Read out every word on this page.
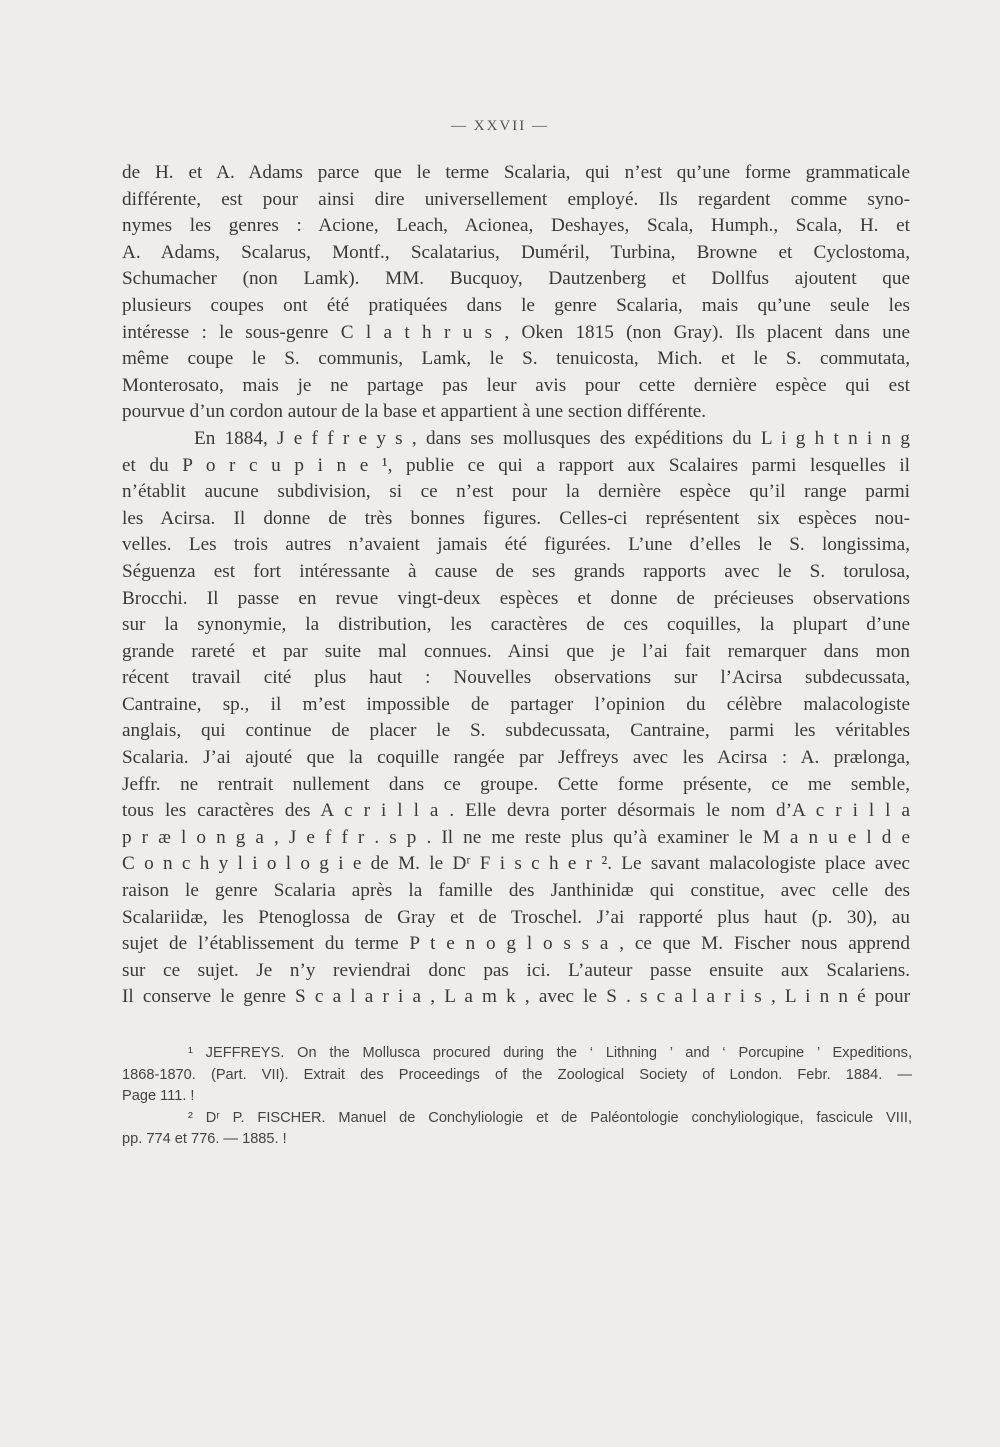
— XXVII —
de H. et A. Adams parce que le terme Scalaria, qui n’est qu’une forme grammaticale
différente, est pour ainsi dire universellement employé. Ils regardent comme syno-
nymes les genres : Acione, Leach, Acionea, Deshayes, Scala, Humph., Scala, H. et
A. Adams, Scalarus, Montf., Scalatarius, Duméril, Turbina, Browne et Cyclostoma,
Schumacher (non Lamk). MM. Bucquoy, Dautzenberg et Dollfus ajoutent que
plusieurs coupes ont été pratiquées dans le genre Scalaria, mais qu’une seule les
intéresse : le sous-genre C l a t h r u s , Oken 1815 (non Gray). Ils placent dans une
même coupe le S. communis, Lamk, le S. tenuicosta, Mich. et le S. commutata,
Monterosato, mais je ne partage pas leur avis pour cette dernière espèce qui est
pourvue d’un cordon autour de la base et appartient à une section différente.
En 1884, J e f f r e y s , dans ses mollusques des expéditions du L i g h t n i n g
et du P o r c u p i n e ¹, publie ce qui a rapport aux Scalaires parmi lesquelles il
n’établit aucune subdivision, si ce n’est pour la dernière espèce qu’il range parmi
les Acirsa. Il donne de très bonnes figures. Celles-ci représentent six espèces nou-
velles. Les trois autres n’avaient jamais été figurées. L’une d’elles le S. longissima,
Séguenza est fort intéressante à cause de ses grands rapports avec le S. torulosa,
Brocchi. Il passe en revue vingt-deux espèces et donne de précieuses observations
sur la synonymie, la distribution, les caractères de ces coquilles, la plupart d’une
grande rareté et par suite mal connues. Ainsi que je l’ai fait remarquer dans mon
récent travail cité plus haut : Nouvelles observations sur l’Acirsa subdecussata,
Cantraine, sp., il m’est impossible de partager l’opinion du célèbre malacologiste
anglais, qui continue de placer le S. subdecussata, Cantraine, parmi les véritables
Scalaria. J’ai ajouté que la coquille rangée par Jeffreys avec les Acirsa : A. prælonga,
Jeffr. ne rentrait nullement dans ce groupe. Cette forme présente, ce me semble,
tous les caractères des A c r i l l a . Elle devra porter désormais le nom d’A c r i l l a
p r æ l o n g a , J e f f r . s p . Il ne me reste plus qu’à examiner le M a n u e l d e
C o n c h y l i o l o g i e de M. le Dʳ F i s c h e r ². Le savant malacologiste place avec
raison le genre Scalaria après la famille des Janthinidæ qui constitue, avec celle des
Scalariidæ, les Ptenoglossa de Gray et de Troschel. J’ai rapporté plus haut (p. 30), au
sujet de l’établissement du terme P t e n o g l o s s a , ce que M. Fischer nous apprend
sur ce sujet. Je n’y reviendrai donc pas ici. L’auteur passe ensuite aux Scalariens.
Il conserve le genre S c a l a r i a , L a m k , avec le S . s c a l a r i s , L i n n é pour
¹ JEFFREYS. On the Mollusca procured during the ‘ Lithning ’ and ‘ Porcupine ’ Expeditions,
1868-1870. (Part. VII). Extrait des Proceedings of the Zoological Society of London. Febr. 1884. —
Page 111. !
² Dʳ P. FISCHER. Manuel de Conchyliologie et de Paléontologie conchyliologique, fascicule VIII,
pp. 774 et 776. — 1885. !
